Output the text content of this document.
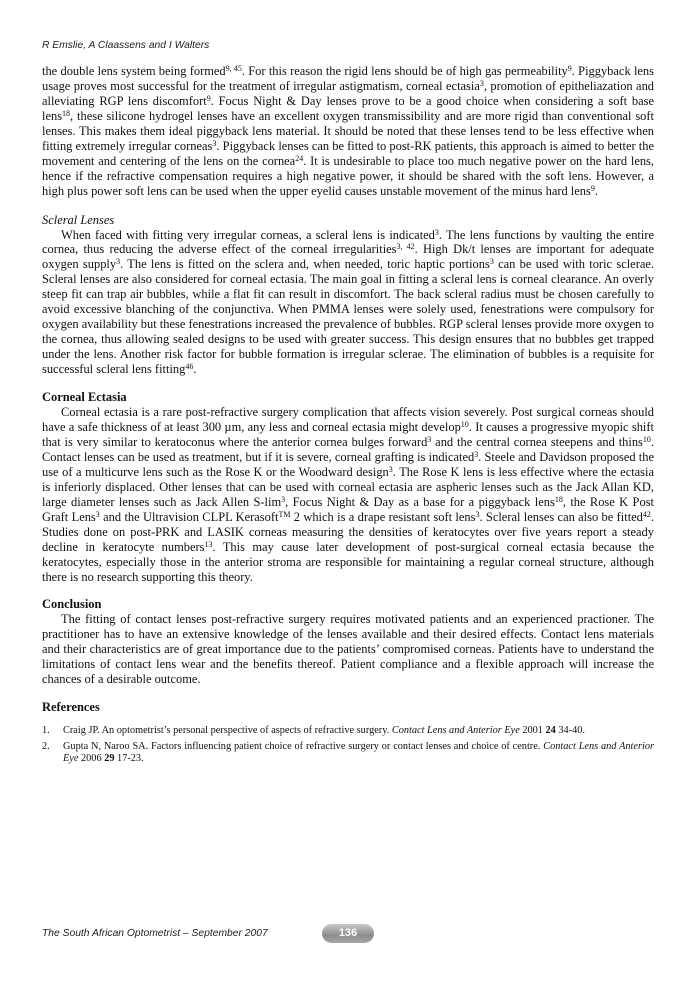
R Emslie, A Claassens and I Walters

the double lens system being formed$^{9, 45}$. For this reason the rigid lens should be of high gas permeability$^9$. Piggyback lens usage proves most successful for the treatment of irregular astigmatism, corneal ectasia$^3$, promotion of epitheliazation and alleviating RGP lens discomfort$^9$. Focus Night & Day lenses prove to be a good choice when considering a soft base lens$^{18}$, these silicone hydrogel lenses have an excellent oxygen transmissibility and are more rigid than conventional soft lenses. This makes them ideal piggyback lens material. It should be noted that these lenses tend to be less effective when fitting extremely irregular corneas$^3$. Piggyback lenses can be fitted to post-RK patients, this approach is aimed to better the movement and centering of the lens on the cornea$^{24}$. It is undesirable to place too much negative power on the hard lens, hence if the refractive compensation requires a high negative power, it should be shared with the soft lens. However, a high plus power soft lens can be used when the upper eyelid causes unstable movement of the minus hard lens$^9$.

Scleral Lenses

When faced with fitting very irregular corneas, a scleral lens is indicated$^3$. The lens functions by vaulting the entire cornea, thus reducing the adverse effect of the corneal irregularities$^{3, 42}$. High Dk/t lenses are important for adequate oxygen supply$^3$. The lens is fitted on the sclera and, when needed, toric haptic portions$^3$ can be used with toric sclerae. Scleral lenses are also considered for corneal ectasia. The main goal in fitting a scleral lens is corneal clearance. An overly steep fit can trap air bubbles, while a flat fit can result in discomfort. The back scleral radius must be chosen carefully to avoid excessive blanching of the conjunctiva. When PMMA lenses were solely used, fenestrations were compulsory for oxygen availability but these fenestrations increased the prevalence of bubbles. RGP scleral lenses provide more oxygen to the cornea, thus allowing sealed designs to be used with greater success. This design ensures that no bubbles get trapped under the lens. Another risk factor for bubble formation is irregular sclerae. The elimination of bubbles is a requisite for successful scleral lens fitting$^{46}$.

Corneal Ectasia

Corneal ectasia is a rare post-refractive surgery complication that affects vision severely. Post surgical corneas should have a safe thickness of at least 300 µm, any less and corneal ectasia might develop$^{10}$. It causes a progressive myopic shift that is very similar to keratoconus where the anterior cornea bulges forward$^3$ and the central cornea steepens and thins$^{10}$. Contact lenses can be used as treatment, but if it is severe, corneal grafting is indicated$^3$. Steele and Davidson proposed the use of a multicurve lens such as the Rose K or the Woodward design$^3$. The Rose K lens is less effective where the ectasia is inferiorly displaced. Other lenses that can be used with corneal ectasia are aspheric lenses such as the Jack Allan KD, large diameter lenses such as Jack Allen $S-\lim^3$, Focus Night & Day as a base for a piggyback lens$^{18}$, the Rose K Post Graft Lens$^3$ and the Ultravision CLPL Kerasoft™ 2 which is a drape resistant soft lens$^3$. Scleral lenses can also be fitted$^{42}$. Studies done on post-PRK and LASIK corneas measuring the densities of keratocytes over five years report a steady decline in keratocyte numbers$^{13}$. This may cause later development of post-surgical corneal ectasia because the keratocytes, especially those in the anterior stroma are responsible for maintaining a regular corneal structure, although there is no research supporting this theory.

Conclusion

The fitting of contact lenses post-refractive surgery requires motivated patients and an experienced practioner. The practitioner has to have an extensive knowledge of the lenses available and their desired effects. Contact lens materials and their characteristics are of great importance due to the patients’ compromised corneas. Patients have to understand the limitations of contact lens wear and the benefits thereof. Patient compliance and a flexible approach will increase the chances of a desirable outcome.

References

1. Craig JP. An optometrist’s personal perspective of aspects of refractive surgery. Contact Lens and Anterior Eye 2001 24 34-40.
2. Gupta N, Naroo SA. Factors influencing patient choice of refractive surgery or contact lenses and choice of centre. Contact Lens and Anterior Eye 2006 29 17-23.
The South African Optometrist – September 2007	136
